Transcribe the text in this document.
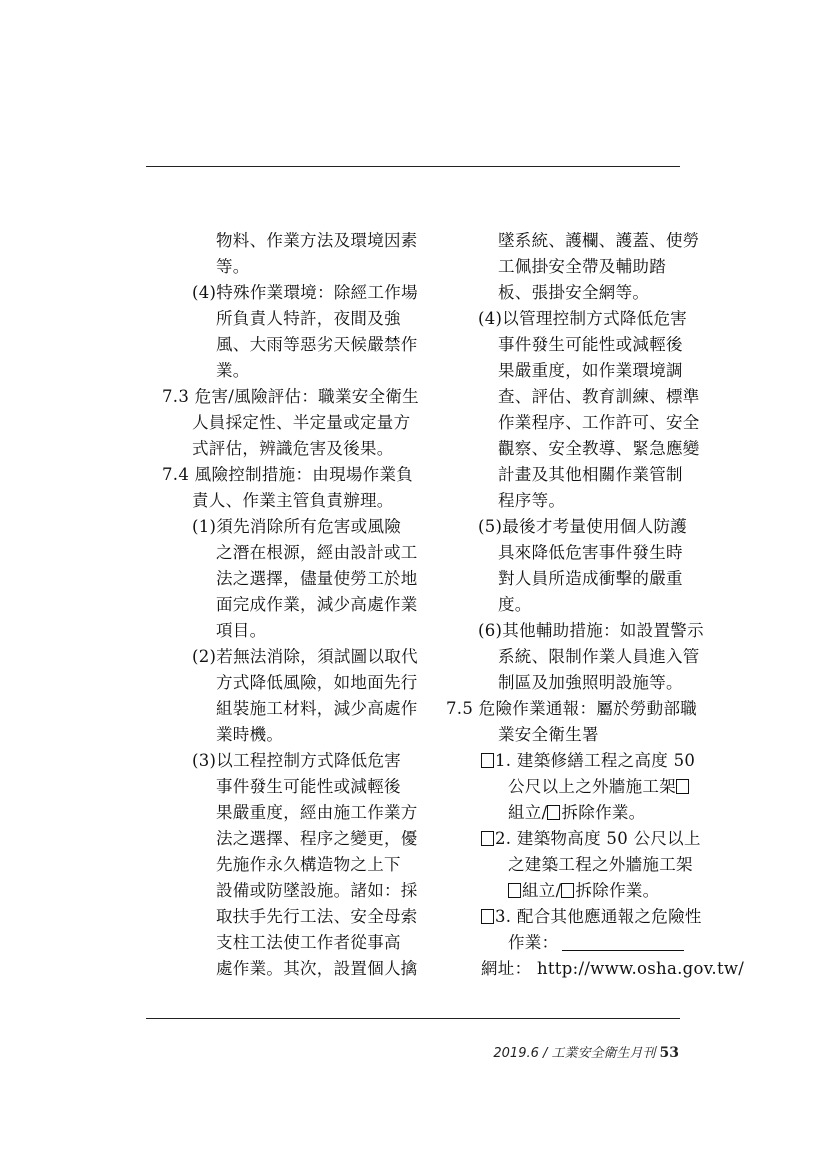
物料、作業方法及環境因素
等。
(4)特殊作業環境：除經工作場
所負責人特許，夜間及強
風、大雨等惡劣天候嚴禁作
業。
7.3 危害/風險評估：職業安全衛生
人員採定性、半定量或定量方
式評估，辨識危害及後果。
7.4 風險控制措施：由現場作業負
責人、作業主管負責辦理。
(1)須先消除所有危害或風險
之潛在根源，經由設計或工
法之選擇，儘量使勞工於地
面完成作業，減少高處作業
項目。
(2)若無法消除，須試圖以取代
方式降低風險，如地面先行
組裝施工材料，減少高處作
業時機。
(3)以工程控制方式降低危害
事件發生可能性或減輕後
果嚴重度，經由施工作業方
法之選擇、程序之變更，優
先施作永久構造物之上下
設備或防墜設施。諸如：採
取扶手先行工法、安全母索
支柱工法使工作者從事高
處作業。其次，設置個人擒
墜系統、護欄、護蓋、使勞
工佩掛安全帶及輔助踏
板、張掛安全網等。
(4)以管理控制方式降低危害
事件發生可能性或減輕後
果嚴重度，如作業環境調
查、評估、教育訓練、標準
作業程序、工作許可、安全
觀察、安全教導、緊急應變
計畫及其他相關作業管制
程序等。
(5)最後才考量使用個人防護
具來降低危害事件發生時
對人員所造成衝擊的嚴重
度。
(6)其他輔助措施：如設置警示
系統、限制作業人員進入管
制區及加強照明設施等。
7.5 危險作業通報：屬於勞動部職
業安全衛生署
1. 建築修繕工程之高度 50
公尺以上之外牆施工架
組立/ 拆除作業。
2. 建築物高度 50 公尺以上
之建築工程之外牆施工架
組立/ 拆除作業。
3. 配合其他應通報之危險性
作業：
網址： http://www.osha.gov.tw/
2019.6 / 工業安全衛生月刊 53
